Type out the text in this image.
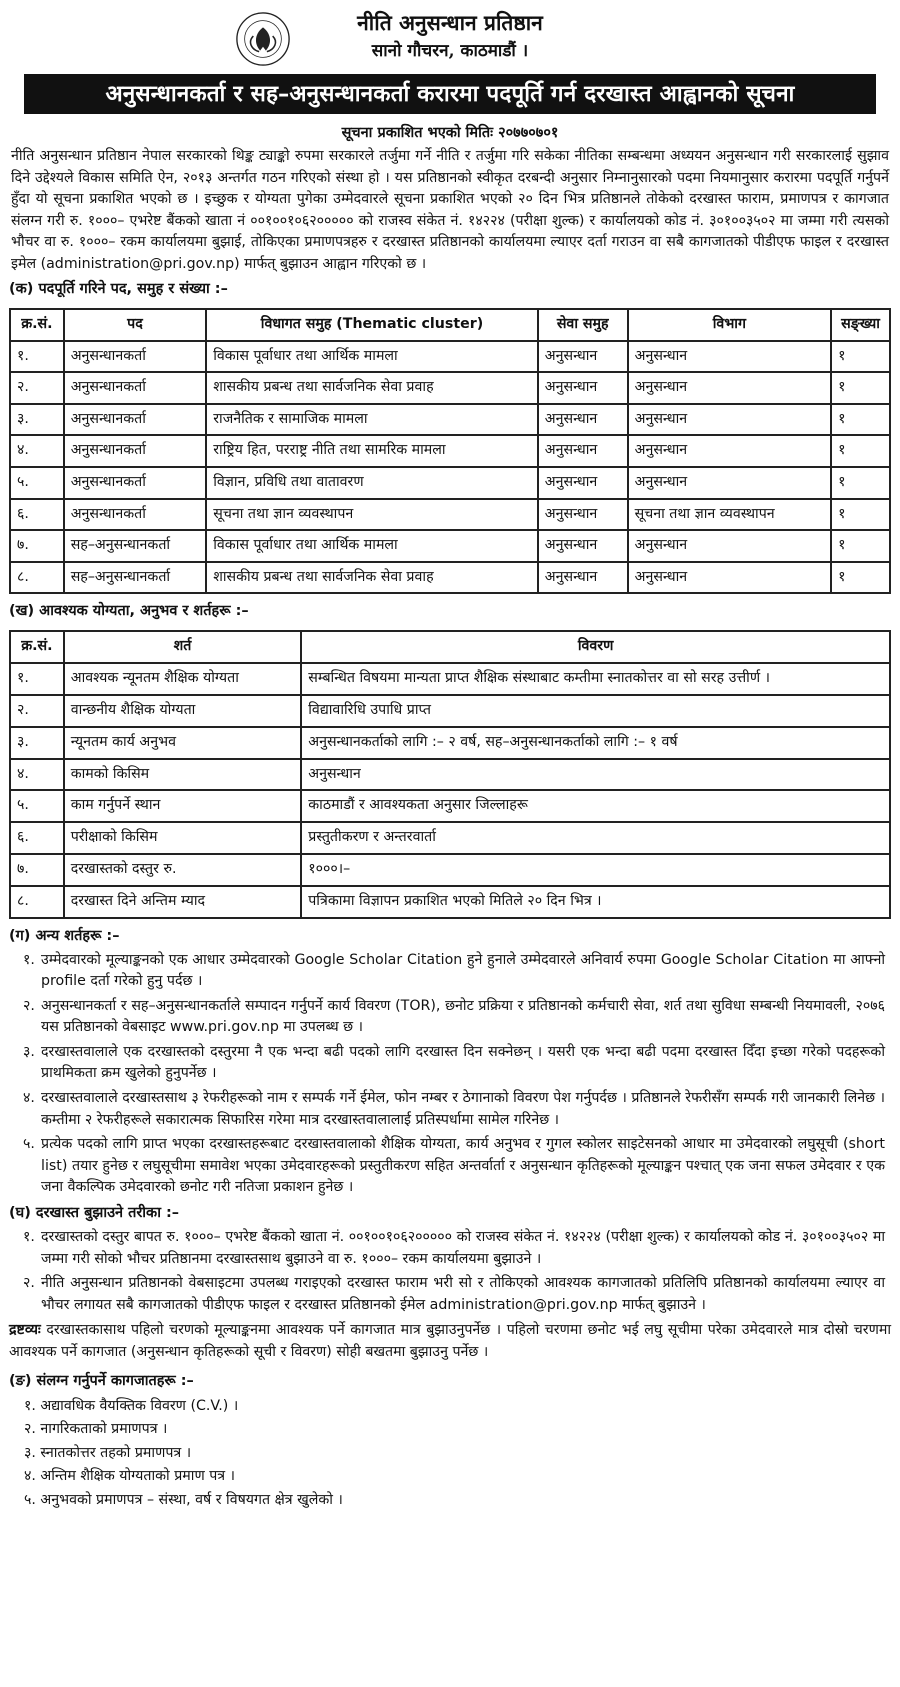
नीति अनुसन्धान प्रतिष्ठान
सानो गौचरन, काठमाडौं ।
अनुसन्धानकर्ता र सह–अनुसन्धानकर्ता करारमा पदपूर्ति गर्न दरखास्त आह्वानको सूचना
सूचना प्रकाशित भएको मितिः २०७७०७०१

नीति अनुसन्धान प्रतिष्ठान नेपाल सरकारको थिङ्क ट्याङ्को रुपमा सरकारले तर्जुमा गर्ने नीति र तर्जुमा गरि सकेका नीतिका सम्बन्धमा अध्ययन अनुसन्धान गरी सरकारलाई सुझाव दिने उद्देश्यले विकास समिति ऐन, २०१३ अन्तर्गत गठन गरिएको संस्था हो । यस प्रतिष्ठानको स्वीकृत दरबन्दी अनुसार निम्नानुसारको पदमा नियमानुसार करारमा पदपूर्ति गर्नुपर्ने हुँदा यो सूचना प्रकाशित भएको छ । इच्छुक र योग्यता पुगेका उम्मेदवारले सूचना प्रकाशित भएको २० दिन भित्र प्रतिष्ठानले तोकेको दरखास्त फाराम, प्रमाणपत्र र कागजात संलग्न गरी रु. १०००– एभरेष्ट बैंकको खाता नं ००१००१०६२००००० को राजस्व संकेत नं. १४२२४ (परीक्षा शुल्क) र कार्यालयको कोड नं. ३०१००३५०२ मा जम्मा गरी त्यसको भौचर वा रु. १०००– रकम कार्यालयमा बुझाई, तोकिएका प्रमाणपत्रहरु र दरखास्त प्रतिष्ठानको कार्यालयमा ल्याएर दर्ता गराउन वा सबै कागजातको पीडीएफ फाइल र दरखास्त इमेल (administration@pri.gov.np) मार्फत् बुझाउन आह्वान गरिएको छ ।

(क) पदपूर्ति गरिने पद, समुह र संख्या :–
क्र.सं.	पद	विधागत समुह (Thematic cluster)	सेवा समुह	विभाग	सङ्ख्या
१.	अनुसन्धानकर्ता	विकास पूर्वाधार तथा आर्थिक मामला	अनुसन्धान	अनुसन्धान	१
२.	अनुसन्धानकर्ता	शासकीय प्रबन्ध तथा सार्वजनिक सेवा प्रवाह	अनुसन्धान	अनुसन्धान	१
३.	अनुसन्धानकर्ता	राजनैतिक र सामाजिक मामला	अनुसन्धान	अनुसन्धान	१
४.	अनुसन्धानकर्ता	राष्ट्रिय हित, परराष्ट्र नीति तथा सामरिक मामला	अनुसन्धान	अनुसन्धान	१
५.	अनुसन्धानकर्ता	विज्ञान, प्रविधि तथा वातावरण	अनुसन्धान	अनुसन्धान	१
६.	अनुसन्धानकर्ता	सूचना तथा ज्ञान व्यवस्थापन	अनुसन्धान	सूचना तथा ज्ञान व्यवस्थापन	१
७.	सह–अनुसन्धानकर्ता	विकास पूर्वाधार तथा आर्थिक मामला	अनुसन्धान	अनुसन्धान	१
८.	सह–अनुसन्धानकर्ता	शासकीय प्रबन्ध तथा सार्वजनिक सेवा प्रवाह	अनुसन्धान	अनुसन्धान	१
(ख) आवश्यक योग्यता, अनुभव र शर्तहरू :–
क्र.सं.	शर्त	विवरण
१.	आवश्यक न्यूनतम शैक्षिक योग्यता	सम्बन्धित विषयमा मान्यता प्राप्त शैक्षिक संस्थाबाट कम्तीमा स्नातकोत्तर वा सो सरह उत्तीर्ण ।
२.	वान्छनीय शैक्षिक योग्यता	विद्यावारिधि उपाधि प्राप्त
३.	न्यूनतम कार्य अनुभव	अनुसन्धानकर्ताको लागि :– २ वर्ष, सह–अनुसन्धानकर्ताको लागि :– १ वर्ष
४.	कामको किसिम	अनुसन्धान
५.	काम गर्नुपर्ने स्थान	काठमाडौं र आवश्यकता अनुसार जिल्लाहरू
६.	परीक्षाको किसिम	प्रस्तुतीकरण र अन्तरवार्ता
७.	दरखास्तको दस्तुर रु.	१०००।–
८.	दरखास्त दिने अन्तिम म्याद	पत्रिकामा विज्ञापन प्रकाशित भएको मितिले २० दिन भित्र ।
(ग) अन्य शर्तहरू :–
१. उम्मेदवारको मूल्याङ्कनको एक आधार उम्मेदवारको Google Scholar Citation हुने हुनाले उम्मेदवारले अनिवार्य रुपमा Google Scholar Citation मा आफ्नो profile दर्ता गरेको हुनु पर्दछ ।
२. अनुसन्धानकर्ता र सह–अनुसन्धानकर्ताले सम्पादन गर्नुपर्ने कार्य विवरण (TOR), छनोट प्रक्रिया र प्रतिष्ठानको कर्मचारी सेवा, शर्त तथा सुविधा सम्बन्धी नियमावली, २०७६ यस प्रतिष्ठानको वेबसाइट www.pri.gov.np मा उपलब्ध छ ।
३. दरखास्तवालाले एक दरखास्तको दस्तुरमा नै एक भन्दा बढी पदको लागि दरखास्त दिन सक्नेछन् । यसरी एक भन्दा बढी पदमा दरखास्त दिँदा इच्छा गरेको पदहरूको प्राथमिकता क्रम खुलेको हुनुपर्नेछ ।
४. दरखास्तवालाले दरखास्तसाथ ३ रेफरीहरूको नाम र सम्पर्क गर्ने ईमेल, फोन नम्बर र ठेगानाको विवरण पेश गर्नुपर्दछ । प्रतिष्ठानले रेफरीसँग सम्पर्क गरी जानकारी लिनेछ । कम्तीमा २ रेफरीहरूले सकारात्मक सिफारिस गरेमा मात्र दरखास्तवालालाई प्रतिस्पर्धामा सामेल गरिनेछ ।
५. प्रत्येक पदको लागि प्राप्त भएका दरखास्तहरूबाट दरखास्तवालाको शैक्षिक योग्यता, कार्य अनुभव र गुगल स्कोलर साइटेसनको आधार मा उमेदवारको लघुसूची (short list) तयार हुनेछ र लघुसूचीमा समावेश भएका उमेदवारहरूको प्रस्तुतीकरण सहित अन्तर्वार्ता र अनुसन्धान कृतिहरूको मूल्याङ्कन पश्चात् एक जना सफल उमेदवार र एक जना वैकल्पिक उमेदवारको छनोट गरी नतिजा प्रकाशन हुनेछ ।
(घ) दरखास्त बुझाउने तरीका :–
१. दरखास्तको दस्तुर बापत रु. १०००– एभरेष्ट बैंकको खाता नं. ००१००१०६२००००० को राजस्व संकेत नं. १४२२४ (परीक्षा शुल्क) र कार्यालयको कोड नं. ३०१००३५०२ मा जम्मा गरी सोको भौचर प्रतिष्ठानमा दरखास्तसाथ बुझाउने वा रु. १०००– रकम कार्यालयमा बुझाउने ।
२. नीति अनुसन्धान प्रतिष्ठानको वेबसाइटमा उपलब्ध गराइएको दरखास्त फाराम भरी सो र तोकिएको आवश्यक कागजातको प्रतिलिपि प्रतिष्ठानको कार्यालयमा ल्याएर वा भौचर लगायत सबै कागजातको पीडीएफ फाइल र दरखास्त प्रतिष्ठानको ईमेल administration@pri.gov.np मार्फत् बुझाउने ।

द्रष्टव्यः दरखास्तकासाथ पहिलो चरणको मूल्याङ्कनमा आवश्यक पर्ने कागजात मात्र बुझाउनुपर्नेछ । पहिलो चरणमा छनोट भई लघु सूचीमा परेका उमेदवारले मात्र दोस्रो चरणमा आवश्यक पर्ने कागजात (अनुसन्धान कृतिहरूको सूची र विवरण) सोही बखतमा बुझाउनु पर्नेछ ।

(ङ) संलग्न गर्नुपर्ने कागजातहरू :–
१. अद्यावधिक वैयक्तिक विवरण (C.V.) ।
२. नागरिकताको प्रमाणपत्र ।
३. स्नातकोत्तर तहको प्रमाणपत्र ।
४. अन्तिम शैक्षिक योग्यताको प्रमाण पत्र ।
५. अनुभवको प्रमाणपत्र – संस्था, वर्ष र विषयगत क्षेत्र खुलेको ।
